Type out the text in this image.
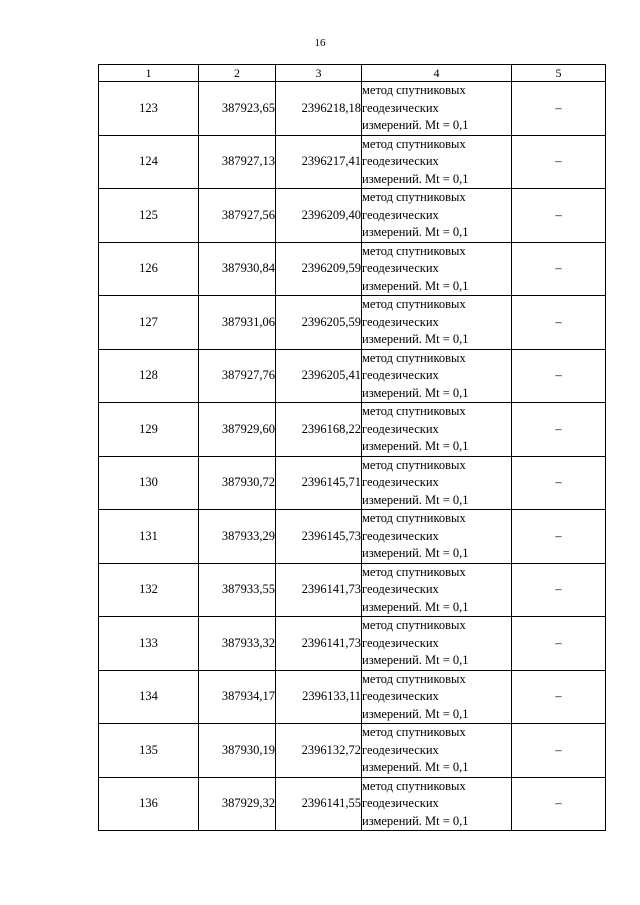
16
1	2	3	4	5
123	387923,65	2396218,18	метод спутниковых
геодезических
измерений. Mt = 0,1	–
124	387927,13	2396217,41	метод спутниковых
геодезических
измерений. Mt = 0,1	–
125	387927,56	2396209,40	метод спутниковых
геодезических
измерений. Mt = 0,1	–
126	387930,84	2396209,59	метод спутниковых
геодезических
измерений. Mt = 0,1	–
127	387931,06	2396205,59	метод спутниковых
геодезических
измерений. Mt = 0,1	–
128	387927,76	2396205,41	метод спутниковых
геодезических
измерений. Mt = 0,1	–
129	387929,60	2396168,22	метод спутниковых
геодезических
измерений. Mt = 0,1	–
130	387930,72	2396145,71	метод спутниковых
геодезических
измерений. Mt = 0,1	–
131	387933,29	2396145,73	метод спутниковых
геодезических
измерений. Mt = 0,1	–
132	387933,55	2396141,73	метод спутниковых
геодезических
измерений. Mt = 0,1	–
133	387933,32	2396141,73	метод спутниковых
геодезических
измерений. Mt = 0,1	–
134	387934,17	2396133,11	метод спутниковых
геодезических
измерений. Mt = 0,1	–
135	387930,19	2396132,72	метод спутниковых
геодезических
измерений. Mt = 0,1	–
136	387929,32	2396141,55	метод спутниковых
геодезических
измерений. Mt = 0,1	–
